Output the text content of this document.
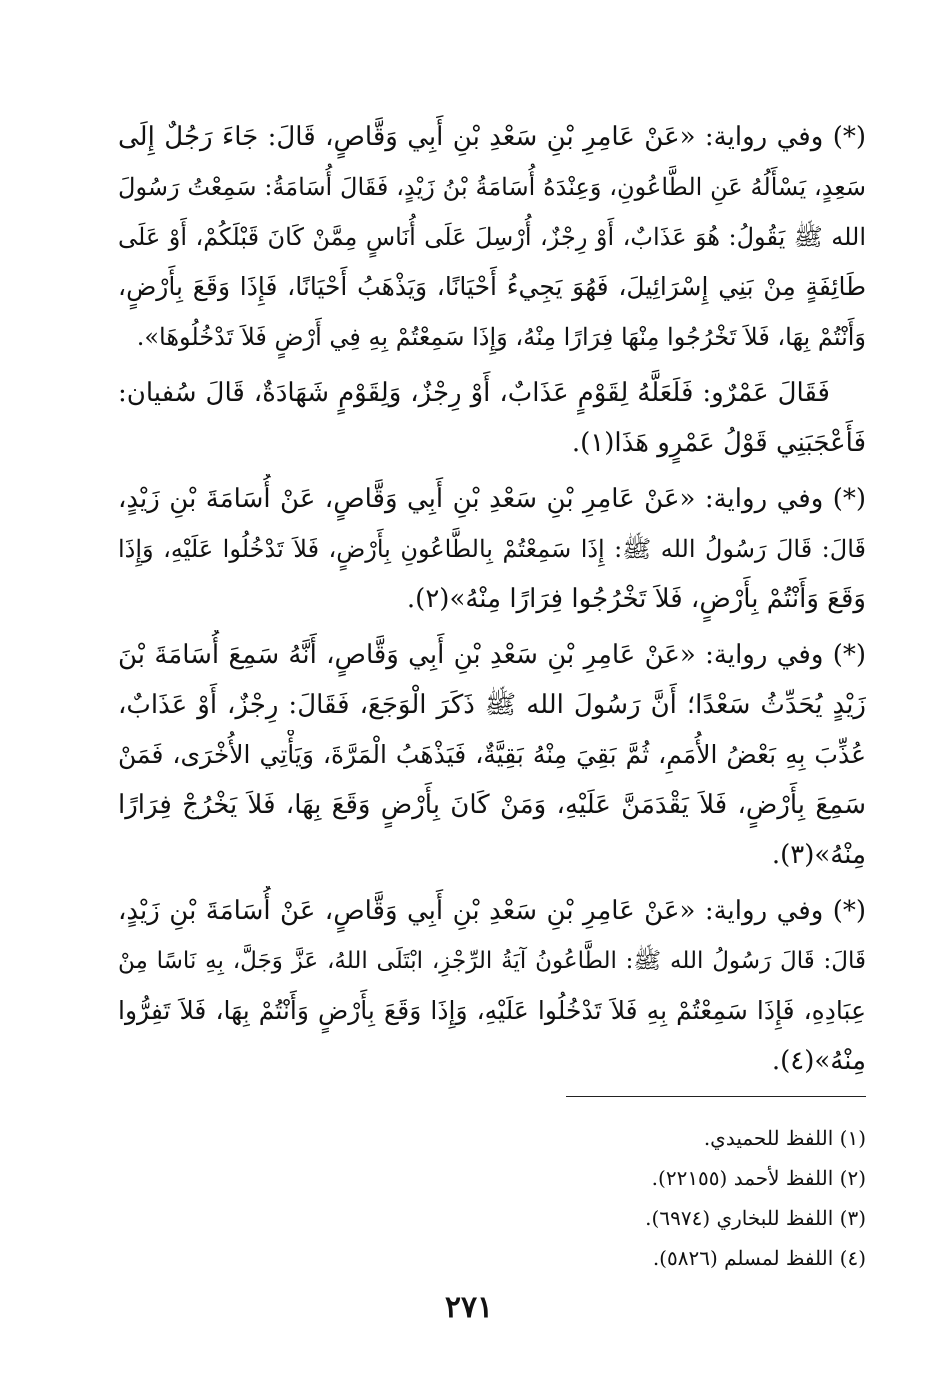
(*) وفي رواية: «عَنْ عَامِرِ بْنِ سَعْدِ بْنِ أَبِي وَقَّاصٍ، قَالَ: جَاءَ رَجُلٌ إِلَى
سَعِدٍ، يَسْأَلُهُ عَنِ الطَّاعُونِ، وَعِنْدَهُ أُسَامَةُ بْنُ زَيْدٍ، فَقَالَ أُسَامَةُ: سَمِعْتُ رَسُولَ
الله ﷺ يَقُولُ: هُوَ عَذَابٌ، أَوْ رِجْزٌ، أُرْسِلَ عَلَى أُنَاسٍ مِمَّنْ كَانَ قَبْلَكُمْ، أَوْ عَلَى
طَائِفَةٍ مِنْ بَنِي إِسْرَائِيلَ، فَهُوَ يَجِيءُ أَحْيَانًا، وَيَذْهَبُ أَحْيَانًا، فَإِذَا وَقَعَ بِأَرْضٍ،
وَأَنْتُمْ بِهَا، فَلاَ تَخْرُجُوا مِنْهَا فِرَارًا مِنْهُ، وَإِذَا سَمِعْتُمْ بِهِ فِي أَرْضٍ فَلاَ تَدْخُلُوهَا».
فَقَالَ عَمْرٌو: فَلَعَلَّهُ لِقَوْمٍ عَذَابٌ، أَوْ رِجْزٌ، وَلِقَوْمٍ شَهَادَةٌ، قَالَ سُفيان:
فَأَعْجَبَنِي قَوْلُ عَمْرٍو هَذَا(١).
(*) وفي رواية: «عَنْ عَامِرِ بْنِ سَعْدِ بْنِ أَبِي وَقَّاصٍ، عَنْ أُسَامَةَ بْنِ زَيْدٍ،
قَالَ: قَالَ رَسُولُ الله ﷺ: إِذَا سَمِعْتُمْ بِالطَّاعُونِ بِأَرْضٍ، فَلاَ تَدْخُلُوا عَلَيْهِ، وَإِذَا
وَقَعَ وَأَنْتُمْ بِأَرْضٍ، فَلاَ تَخْرُجُوا فِرَارًا مِنْهُ»(٢).
(*) وفي رواية: «عَنْ عَامِرِ بْنِ سَعْدِ بْنِ أَبِي وَقَّاصٍ، أَنَّهُ سَمِعَ أُسَامَةَ بْنَ
زَيْدٍ يُحَدِّثُ سَعْدًا؛ أَنَّ رَسُولَ الله ﷺ ذَكَرَ الْوَجَعَ، فَقَالَ: رِجْزٌ، أَوْ عَذَابٌ،
عُذِّبَ بِهِ بَعْضُ الأُمَمِ، ثُمَّ بَقِيَ مِنْهُ بَقِيَّةٌ، فَيَذْهَبُ الْمَرَّةَ، وَيَأْتِي الأُخْرَى، فَمَنْ
سَمِعَ بِأَرْضٍ، فَلاَ يَقْدَمَنَّ عَلَيْهِ، وَمَنْ كَانَ بِأَرْضٍ وَقَعَ بِهَا، فَلاَ يَخْرُجْ فِرَارًا
مِنْهُ»(٣).
(*) وفي رواية: «عَنْ عَامِرِ بْنِ سَعْدِ بْنِ أَبِي وَقَّاصٍ، عَنْ أُسَامَةَ بْنِ زَيْدٍ،
قَالَ: قَالَ رَسُولُ الله ﷺ: الطَّاعُونُ آيَةُ الرِّجْزِ، ابْتَلَى اللهُ، عَزَّ وَجَلَّ، بِهِ نَاسًا مِنْ
عِبَادِهِ، فَإِذَا سَمِعْتُمْ بِهِ فَلاَ تَدْخُلُوا عَلَيْهِ، وَإِذَا وَقَعَ بِأَرْضٍ وَأَنْتُمْ بِهَا، فَلاَ تَفِرُّوا
مِنْهُ»(٤).
(١) اللفظ للحميدي.
(٢) اللفظ لأحمد (٢٢١٥٥).
(٣) اللفظ للبخاري (٦٩٧٤).
(٤) اللفظ لمسلم (٥٨٢٦).
٢٧١
